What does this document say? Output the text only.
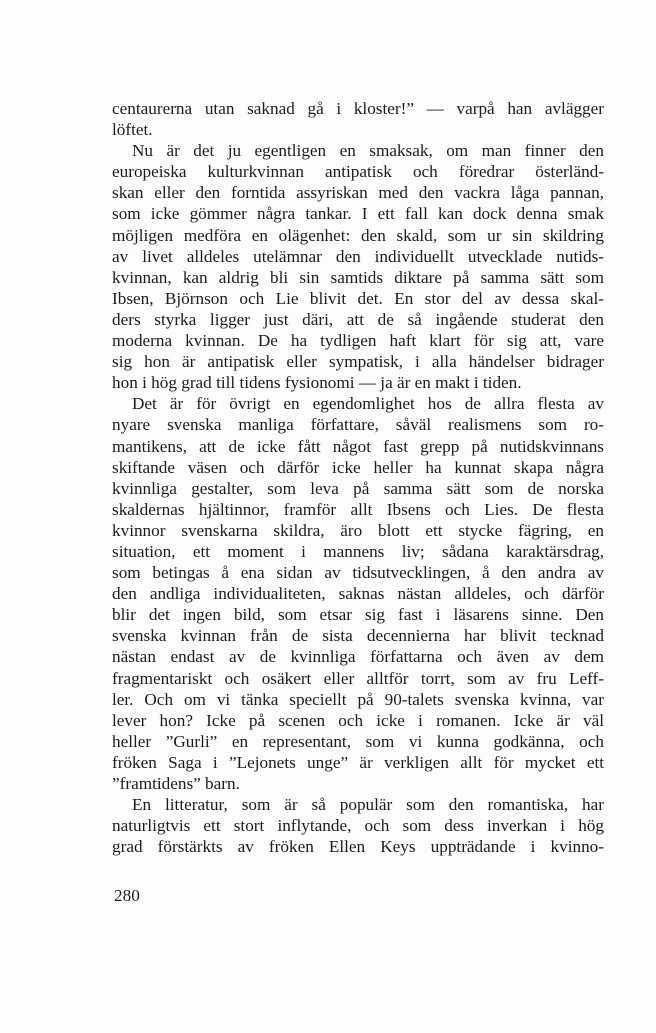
centaurerna utan saknad gå i kloster!” — varpå han avlägger
löftet.
Nu är det ju egentligen en smaksak, om man finner den
europeiska kulturkvinnan antipatisk och föredrar österländ-
skan eller den forntida assyriskan med den vackra låga pannan,
som icke gömmer några tankar. I ett fall kan dock denna smak
möjligen medföra en olägenhet: den skald, som ur sin skildring
av livet alldeles utelämnar den individuellt utvecklade nutids-
kvinnan, kan aldrig bli sin samtids diktare på samma sätt som
Ibsen, Björnson och Lie blivit det. En stor del av dessa skal-
ders styrka ligger just däri, att de så ingående studerat den
moderna kvinnan. De ha tydligen haft klart för sig att, vare
sig hon är antipatisk eller sympatisk, i alla händelser bidrager
hon i hög grad till tidens fysionomi — ja är en makt i tiden.
Det är för övrigt en egendomlighet hos de allra flesta av
nyare svenska manliga författare, såväl realismens som ro-
mantikens, att de icke fått något fast grepp på nutidskvinnans
skiftande väsen och därför icke heller ha kunnat skapa några
kvinnliga gestalter, som leva på samma sätt som de norska
skaldernas hjältinnor, framför allt Ibsens och Lies. De flesta
kvinnor svenskarna skildra, äro blott ett stycke fägring, en
situation, ett moment i mannens liv; sådana karaktärsdrag,
som betingas å ena sidan av tidsutvecklingen, å den andra av
den andliga individualiteten, saknas nästan alldeles, och därför
blir det ingen bild, som etsar sig fast i läsarens sinne. Den
svenska kvinnan från de sista decennierna har blivit tecknad
nästan endast av de kvinnliga författarna och även av dem
fragmentariskt och osäkert eller alltför torrt, som av fru Leff-
ler. Och om vi tänka speciellt på 90-talets svenska kvinna, var
lever hon? Icke på scenen och icke i romanen. Icke är väl
heller ”Gurli” en representant, som vi kunna godkänna, och
fröken Saga i ”Lejonets unge” är verkligen allt för mycket ett
”framtidens” barn.
En litteratur, som är så populär som den romantiska, har
naturligtvis ett stort inflytande, och som dess inverkan i hög
grad förstärkts av fröken Ellen Keys uppträdande i kvinno-
280
